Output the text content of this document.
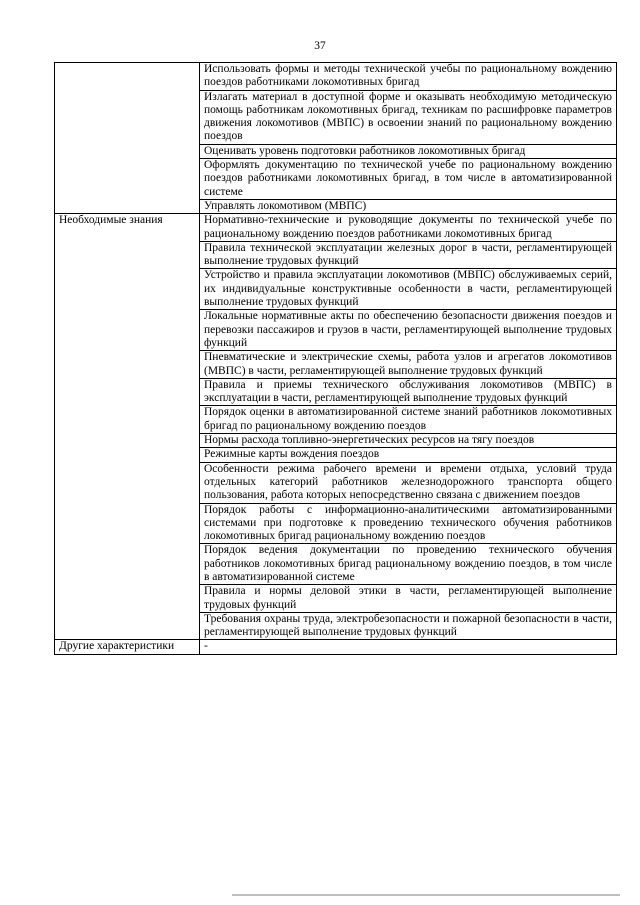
37
	Использовать формы и методы технической учебы по рациональному вождению поездов работниками локомотивных бригад
	Излагать материал в доступной форме и оказывать необходимую методическую помощь работникам локомотивных бригад, техникам по расшифровке параметров движения локомотивов (МВПС) в освоении знаний по рациональному вождению поездов
	Оценивать уровень подготовки работников локомотивных бригад
	Оформлять документацию по технической учебе по рациональному вождению поездов работниками локомотивных бригад, в том числе в автоматизированной системе
	Управлять локомотивом (МВПС)
Необходимые знания	Нормативно-технические и руководящие документы по технической учебе по рациональному вождению поездов работниками локомотивных бригад
	Правила технической эксплуатации железных дорог в части, регламентирующей выполнение трудовых функций
	Устройство и правила эксплуатации локомотивов (МВПС) обслуживаемых серий, их индивидуальные конструктивные особенности в части, регламентирующей выполнение трудовых функций
	Локальные нормативные акты по обеспечению безопасности движения поездов и перевозки пассажиров и грузов в части, регламентирующей выполнение трудовых функций
	Пневматические и электрические схемы, работа узлов и агрегатов локомотивов (МВПС) в части, регламентирующей выполнение трудовых функций
	Правила и приемы технического обслуживания локомотивов (МВПС) в эксплуатации в части, регламентирующей выполнение трудовых функций
	Порядок оценки в автоматизированной системе знаний работников локомотивных бригад по рациональному вождению поездов
	Нормы расхода топливно-энергетических ресурсов на тягу поездов
	Режимные карты вождения поездов
	Особенности режима рабочего времени и времени отдыха, условий труда отдельных категорий работников железнодорожного транспорта общего пользования, работа которых непосредственно связана с движением поездов
	Порядок работы с информационно-аналитическими автоматизированными системами при подготовке к проведению технического обучения работников локомотивных бригад рациональному вождению поездов
	Порядок ведения документации по проведению технического обучения работников локомотивных бригад рациональному вождению поездов, в том числе в автоматизированной системе
	Правила и нормы деловой этики в части, регламентирующей выполнение трудовых функций
	Требования охраны труда, электробезопасности и пожарной безопасности в части, регламентирующей выполнение трудовых функций
Другие характеристики	-
